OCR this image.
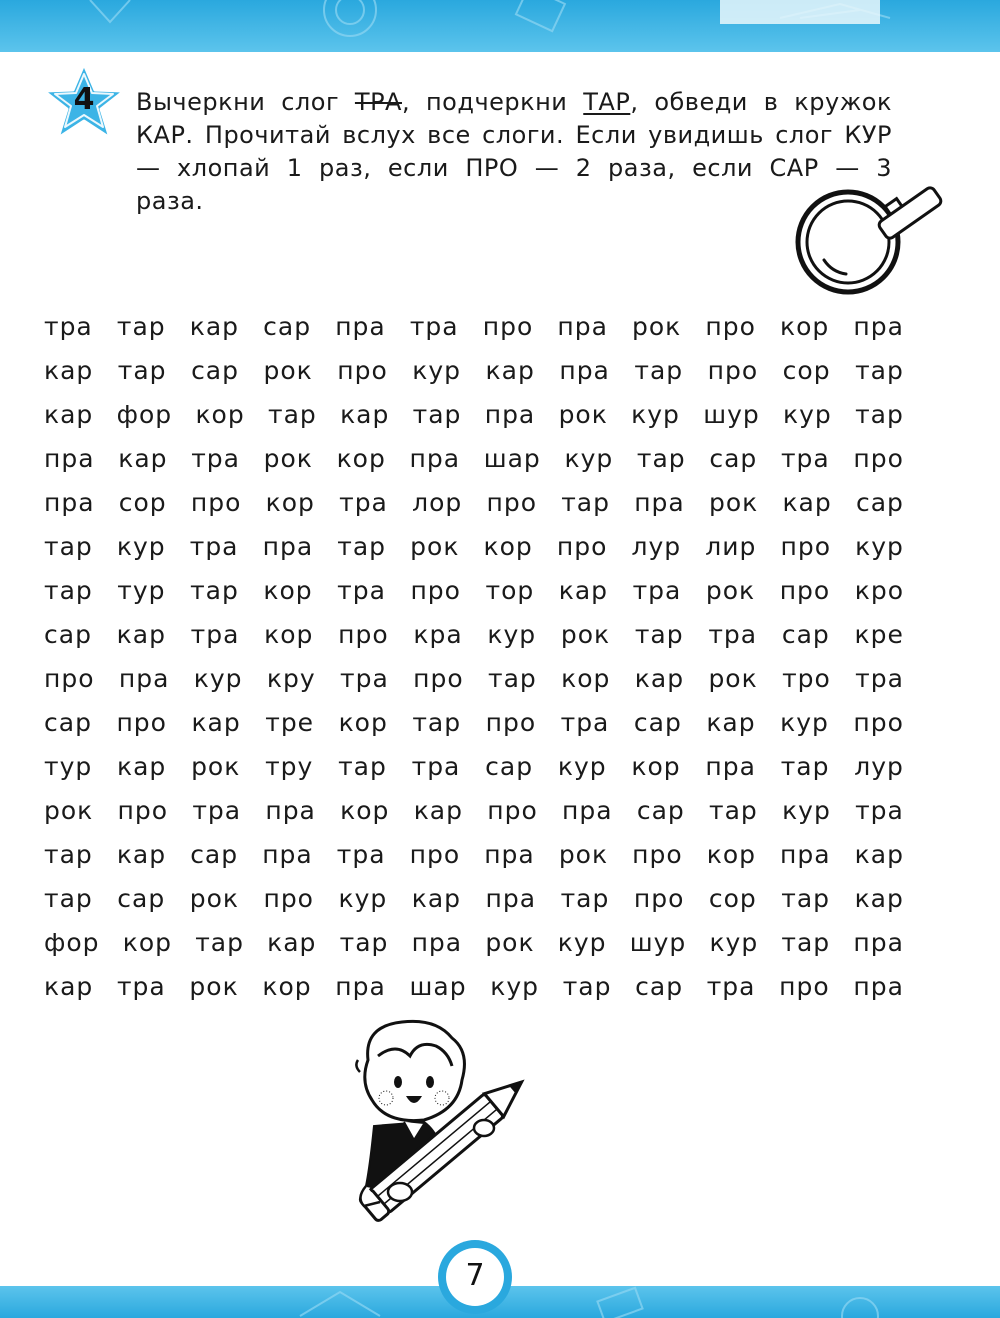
4	Вычеркни слог ТРА, подчеркни ТАР, обведи в кружок КАР. Прочитай вслух все слоги. Если увидишь слог КУР — хлопай 1 раз, если ПРО — 2 раза, если САР — 3 раза.
тра тар кар сар пра тра про пра рок про кор пра
кар тар сар рок про кур кар пра тар про сор тар
кар фор кор тар кар тар пра рок кур шур кур тар
пра кар тра рок кор пра шар кур тар сар тра про
пра сор про кор тра лор про тар пра рок кар сар
тар кур тра пра тар рок кор про лур лир про кур
тар тур тар кор тра про тор кар тра рок про кро
сар кар тра кор про кра кур рок тар тра сар кре
про пра кур кру тра про тар кор кар рок тро тра
сар про кар тре кор тар про тра сар кар кур про
тур кар рок тру тар тра сар кур кор пра тар лур
рок про тра пра кор кар про пра сар тар кур тра
тар кар сар пра тра про пра рок про кор пра кар
тар сар рок про кур кар пра тар про сор тар кар
фор кор тар кар тар пра рок кур шур кур тар пра
кар тра рок кор пра шар кур тар сар тра про пра
7
